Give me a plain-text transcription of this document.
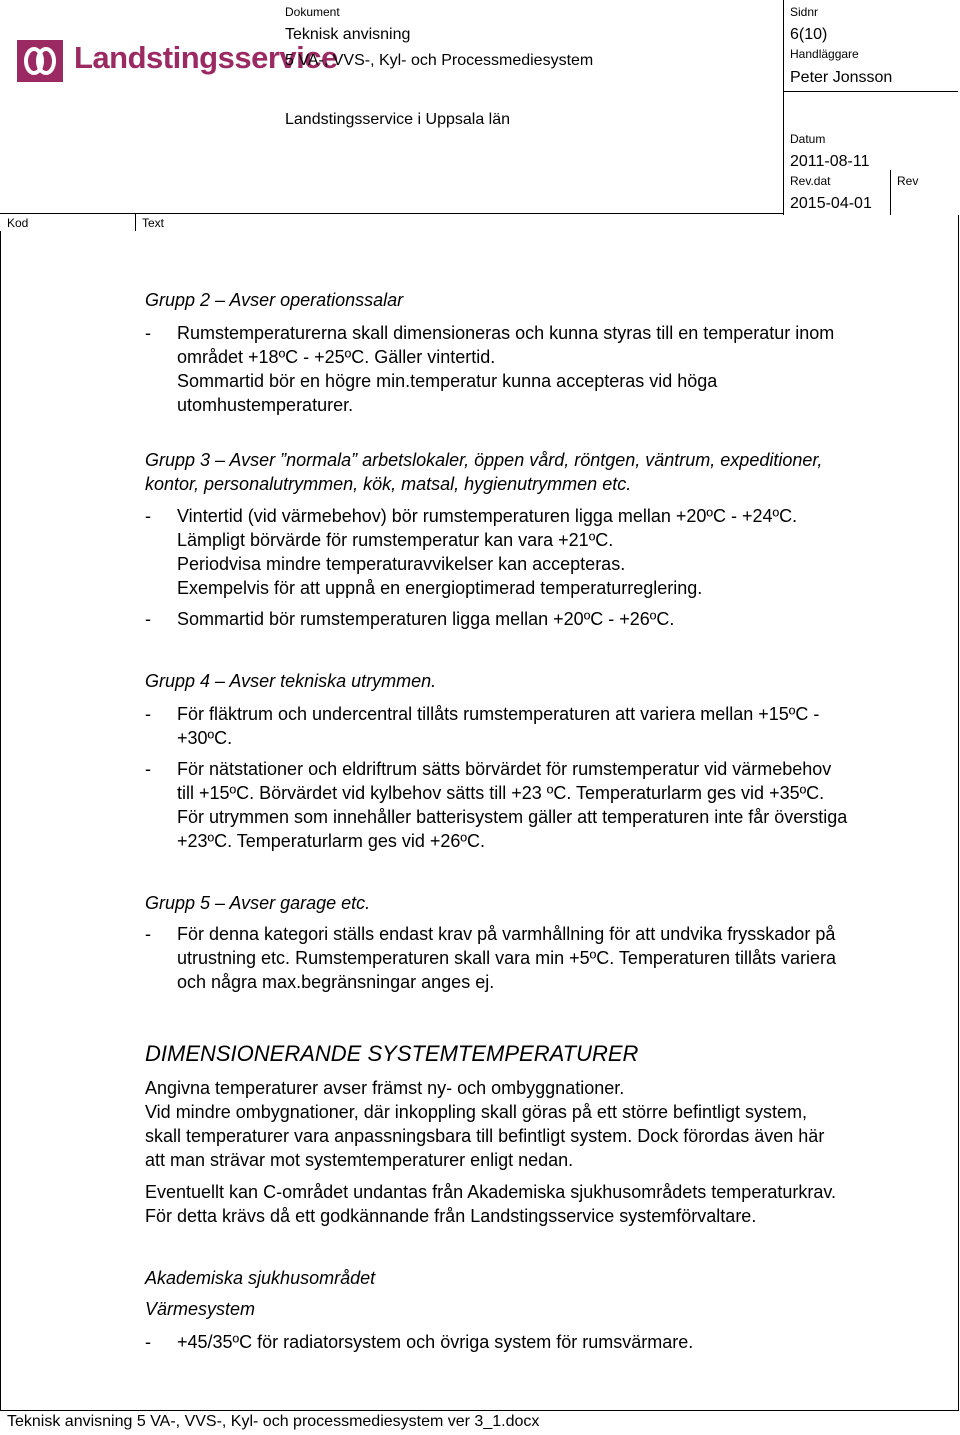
Landstingsservice
Dokument
Teknisk anvisning
5 VA-, VVS-, Kyl- och Processmediesystem
Landstingsservice i Uppsala län
Sidnr
6(10)
Handläggare
Peter Jonsson
Datum
2011-08-11
Rev.dat
2015-04-01
Rev
Kod	Text
Grupp 2 – Avser operationssalar
- Rumstemperaturerna skall dimensioneras och kunna styras till en temperatur inom
området +18ºC - +25ºC. Gäller vintertid.
Sommartid bör en högre min.temperatur kunna accepteras vid höga
utomhustemperaturer.
Grupp 3 – Avser ”normala” arbetslokaler, öppen vård, röntgen, väntrum, expeditioner,
kontor, personalutrymmen, kök, matsal, hygienutrymmen etc.
- Vintertid (vid värmebehov) bör rumstemperaturen ligga mellan +20ºC - +24ºC.
Lämpligt börvärde för rumstemperatur kan vara +21ºC.
Periodvisa mindre temperaturavvikelser kan accepteras.
Exempelvis för att uppnå en energioptimerad temperaturreglering.
- Sommartid bör rumstemperaturen ligga mellan +20ºC - +26ºC.
Grupp 4 – Avser tekniska utrymmen.
- För fläktrum och undercentral tillåts rumstemperaturen att variera mellan +15ºC -
+30ºC.
- För nätstationer och eldriftrum sätts börvärdet för rumstemperatur vid värmebehov
till +15ºC. Börvärdet vid kylbehov sätts till +23 ºC. Temperaturlarm ges vid +35ºC.
För utrymmen som innehåller batterisystem gäller att temperaturen inte får överstiga
+23ºC. Temperaturlarm ges vid +26ºC.
Grupp 5 – Avser garage etc.
- För denna kategori ställs endast krav på varmhållning för att undvika frysskador på
utrustning etc. Rumstemperaturen skall vara min +5ºC. Temperaturen tillåts variera
och några max.begränsningar anges ej.
DIMENSIONERANDE SYSTEMTEMPERATURER
Angivna temperaturer avser främst ny- och ombyggnationer.
Vid mindre ombygnationer, där inkoppling skall göras på ett större befintligt system,
skall temperaturer vara anpassningsbara till befintligt system. Dock förordas även här
att man strävar mot systemtemperaturer enligt nedan.
Eventuellt kan C-området undantas från Akademiska sjukhusområdets temperaturkrav.
För detta krävs då ett godkännande från Landstingsservice systemförvaltare.
Akademiska sjukhusområdet
Värmesystem
- +45/35ºC för radiatorsystem och övriga system för rumsvärmare.
Teknisk anvisning 5 VA-, VVS-, Kyl- och processmediesystem ver 3_1.docx
